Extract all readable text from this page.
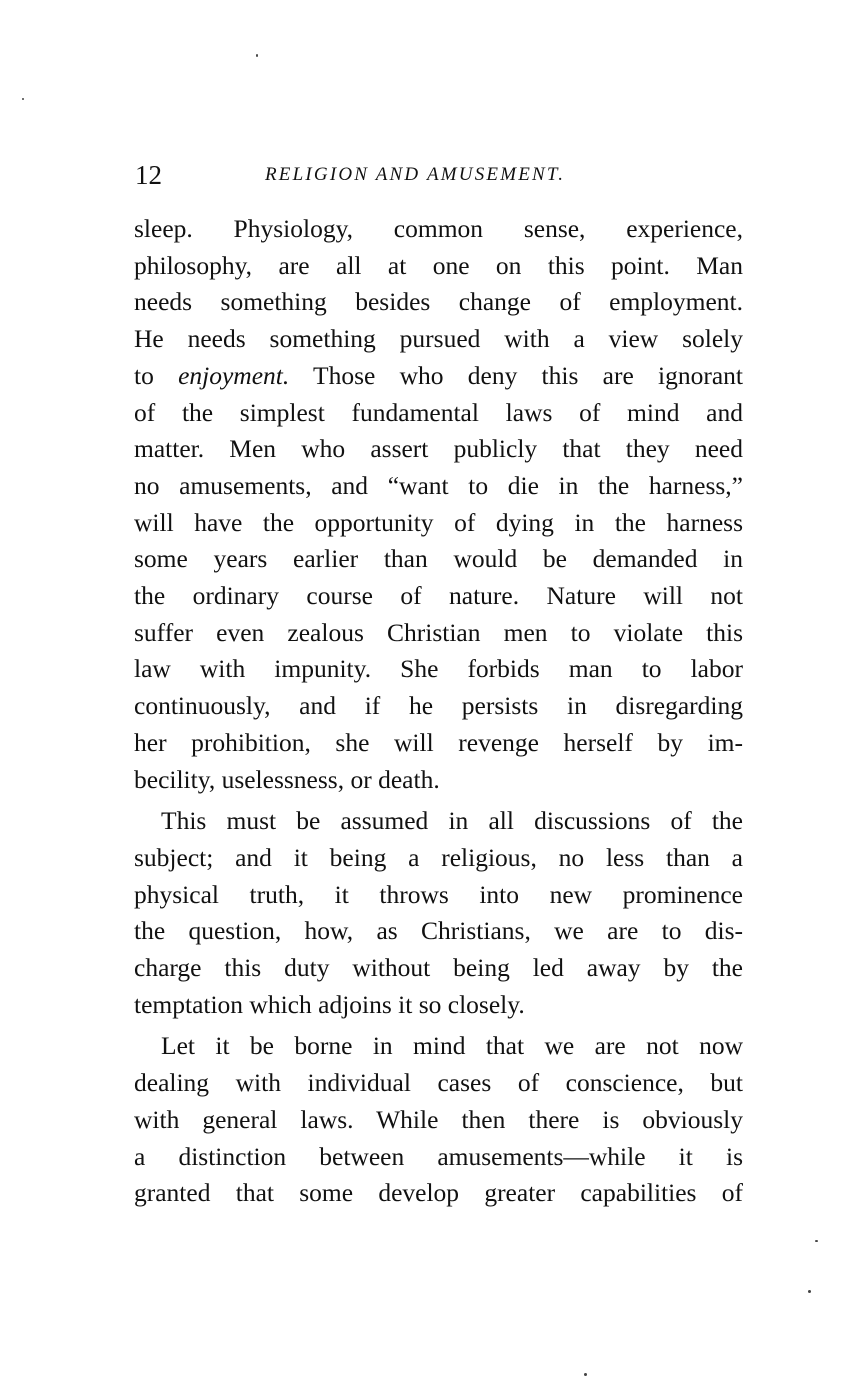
12	RELIGION AND AMUSEMENT.

sleep. Physiology, common sense, experience,
philosophy, are all at one on this point. Man
needs something besides change of employment.
He needs something pursued with a view solely
to enjoyment. Those who deny this are ignorant
of the simplest fundamental laws of mind and
matter. Men who assert publicly that they need
no amusements, and “want to die in the harness,”
will have the opportunity of dying in the harness
some years earlier than would be demanded in
the ordinary course of nature. Nature will not
suffer even zealous Christian men to violate this
law with impunity. She forbids man to labor
continuously, and if he persists in disregarding
her prohibition, she will revenge herself by im-
becility, uselessness, or death.

This must be assumed in all discussions of the
subject; and it being a religious, no less than a
physical truth, it throws into new prominence
the question, how, as Christians, we are to dis-
charge this duty without being led away by the
temptation which adjoins it so closely.

Let it be borne in mind that we are not now
dealing with individual cases of conscience, but
with general laws. While then there is obviously
a distinction between amusements—while it is
granted that some develop greater capabilities of
